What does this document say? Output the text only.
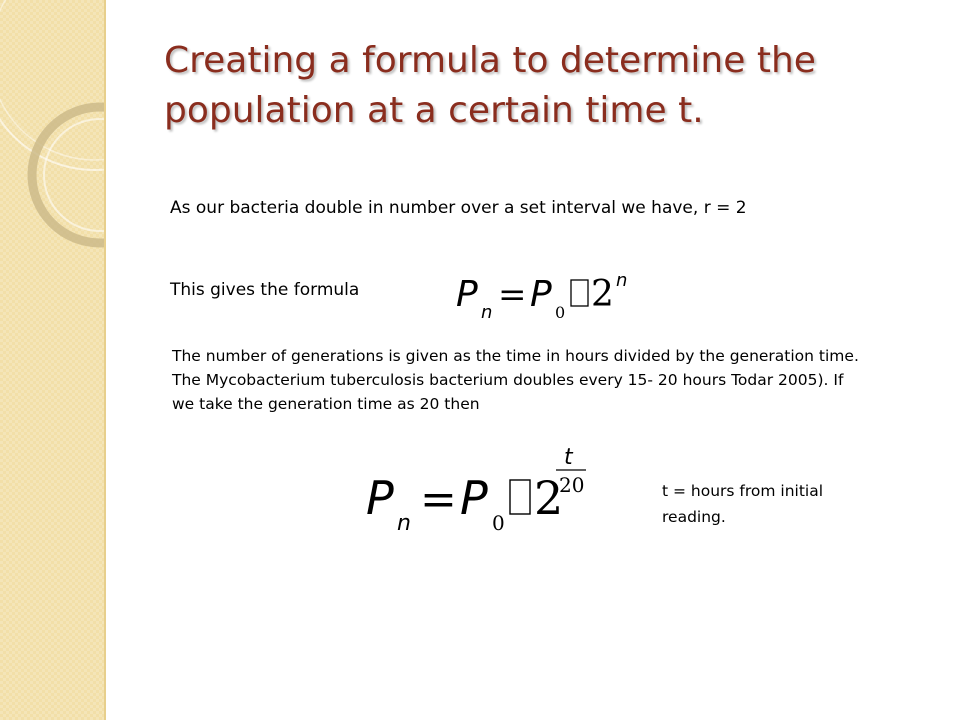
Creating a formula to determine the population at a certain time t.
As our bacteria double in number over a set interval we have, r = 2
This gives the formula	P n = P 0 2 n
The number of generations is given as the time in hours divided by the generation time. The Mycobacterium tuberculosis bacterium doubles every 15- 20 hours Todar 2005). If we take the generation time as 20 then
P n = P 0 2
t
20	t = hours from initial reading.
